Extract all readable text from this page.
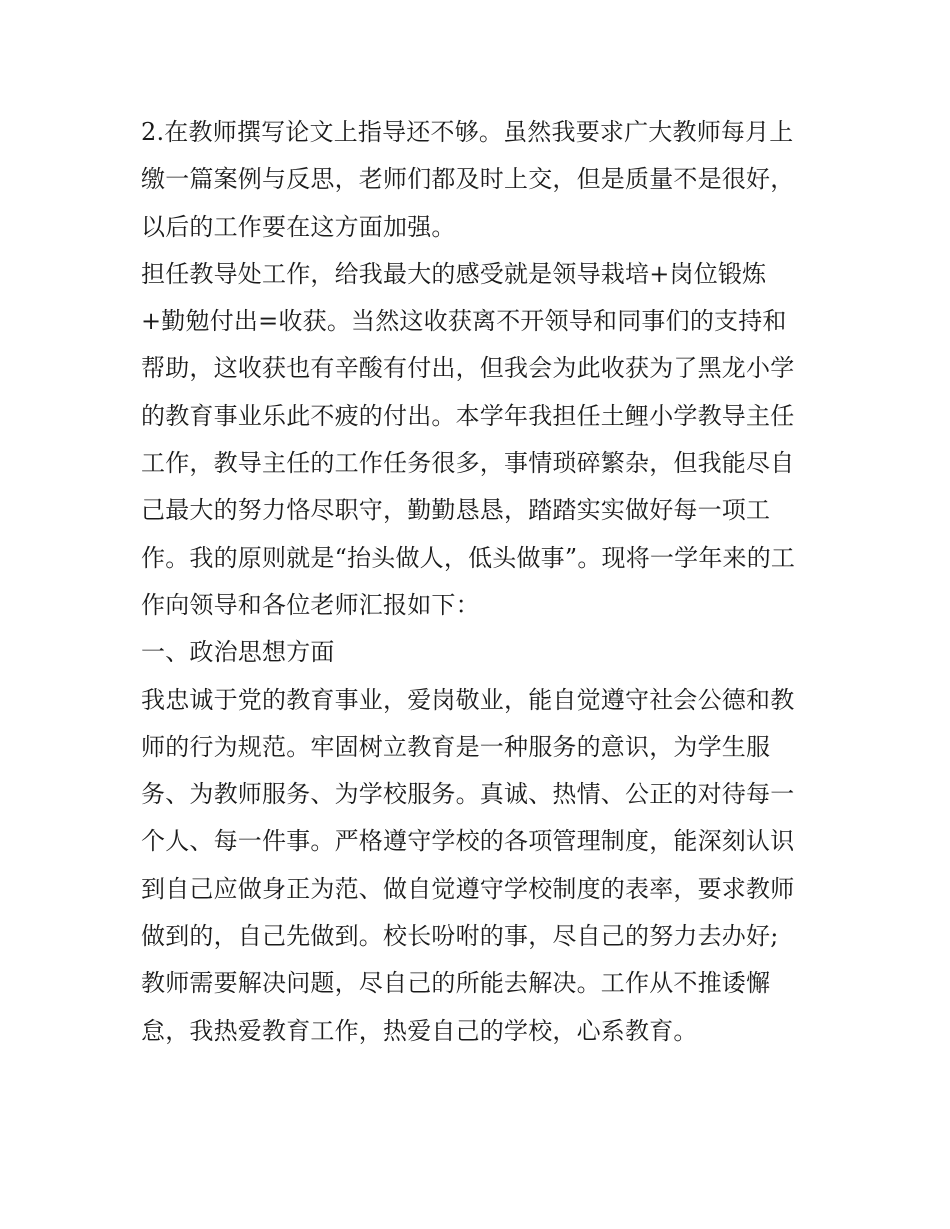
2.在教师撰写论文上指导还不够。虽然我要求广大教师每月上
缴一篇案例与反思，老师们都及时上交，但是质量不是很好，
以后的工作要在这方面加强。
担任教导处工作，给我最大的感受就是领导栽培+岗位锻炼
+勤勉付出=收获。当然这收获离不开领导和同事们的支持和
帮助，这收获也有辛酸有付出，但我会为此收获为了黑龙小学
的教育事业乐此不疲的付出。本学年我担任土鲤小学教导主任
工作，教导主任的工作任务很多，事情琐碎繁杂，但我能尽自
己最大的努力恪尽职守，勤勤恳恳，踏踏实实做好每一项工
作。我的原则就是“抬头做人，低头做事”。现将一学年来的工
作向领导和各位老师汇报如下：
一、政治思想方面
我忠诚于党的教育事业，爱岗敬业，能自觉遵守社会公德和教
师的行为规范。牢固树立教育是一种服务的意识，为学生服
务、为教师服务、为学校服务。真诚、热情、公正的对待每一
个人、每一件事。严格遵守学校的各项管理制度，能深刻认识
到自己应做身正为范、做自觉遵守学校制度的表率，要求教师
做到的，自己先做到。校长吩咐的事，尽自己的努力去办好;
教师需要解决问题，尽自己的所能去解决。工作从不推诿懈
怠，我热爱教育工作，热爱自己的学校，心系教育。
